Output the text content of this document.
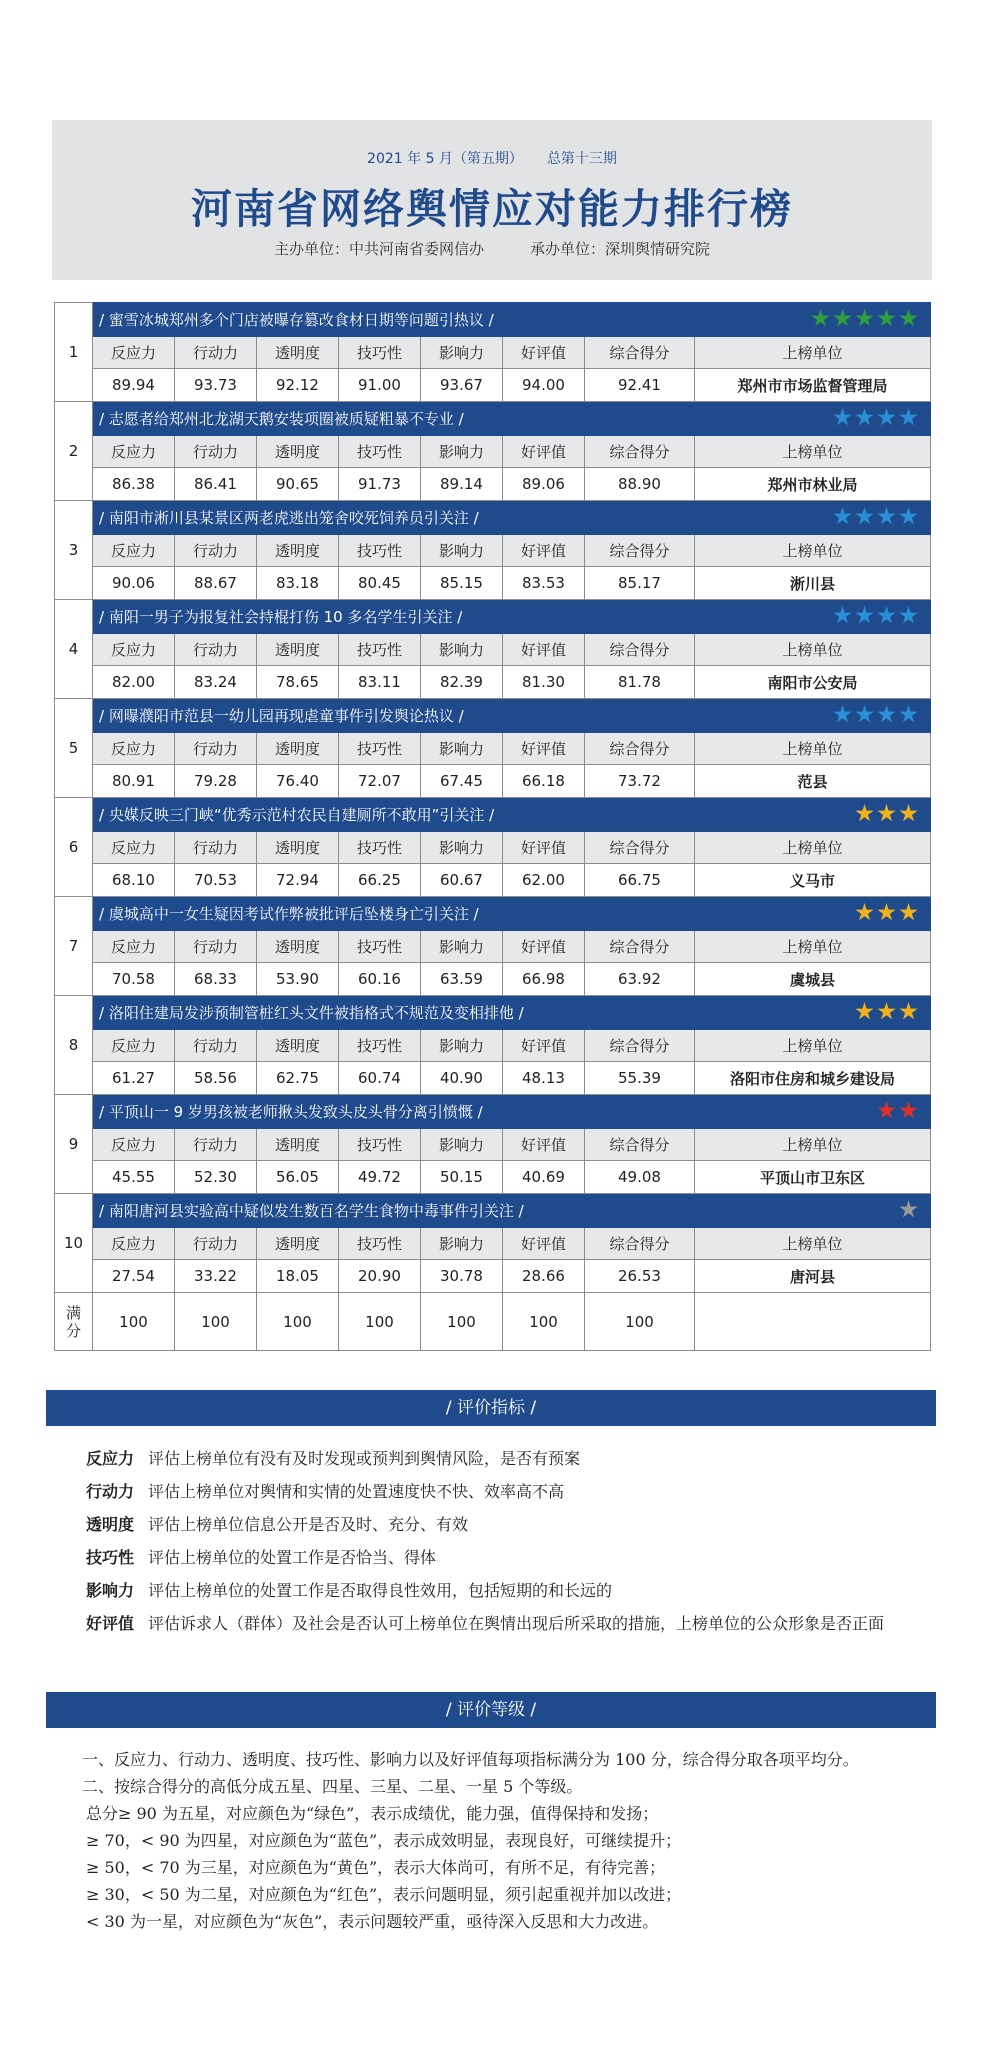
2021 年 5 月（第五期） 总第十三期
河南省网络舆情应对能力排行榜
主办单位：中共河南省委网信办	承办单位：深圳舆情研究院
1	/ 蜜雪冰城郑州多个门店被曝存篡改食材日期等问题引热议 /							

	反应力	行动力	透明度	技巧性	影响力	好评值	综合得分	上榜单位
	89.94	93.73	92.12	91.00	93.67	94.00	92.41	郑州市市场监督管理局
2	/ 志愿者给郑州北龙湖天鹅安装项圈被质疑粗暴不专业 /							

	反应力	行动力	透明度	技巧性	影响力	好评值	综合得分	上榜单位
	86.38	86.41	90.65	91.73	89.14	89.06	88.90	郑州市林业局
3	/ 南阳市淅川县某景区两老虎逃出笼舍咬死饲养员引关注 /							

	反应力	行动力	透明度	技巧性	影响力	好评值	综合得分	上榜单位
	90.06	88.67	83.18	80.45	85.15	83.53	85.17	淅川县
4	/ 南阳一男子为报复社会持棍打伤 10 多名学生引关注 /							

	反应力	行动力	透明度	技巧性	影响力	好评值	综合得分	上榜单位
	82.00	83.24	78.65	83.11	82.39	81.30	81.78	南阳市公安局
5	/ 网曝濮阳市范县一幼儿园再现虐童事件引发舆论热议 /							

	反应力	行动力	透明度	技巧性	影响力	好评值	综合得分	上榜单位
	80.91	79.28	76.40	72.07	67.45	66.18	73.72	范县
6	/ 央媒反映三门峡“优秀示范村农民自建厕所不敢用”引关注 /							

	反应力	行动力	透明度	技巧性	影响力	好评值	综合得分	上榜单位
	68.10	70.53	72.94	66.25	60.67	62.00	66.75	义马市
7	/ 虞城高中一女生疑因考试作弊被批评后坠楼身亡引关注 /							

	反应力	行动力	透明度	技巧性	影响力	好评值	综合得分	上榜单位
	70.58	68.33	53.90	60.16	63.59	66.98	63.92	虞城县
8	/ 洛阳住建局发涉预制管桩红头文件被指格式不规范及变相排他 /							

	反应力	行动力	透明度	技巧性	影响力	好评值	综合得分	上榜单位
	61.27	58.56	62.75	60.74	40.90	48.13	55.39	洛阳市住房和城乡建设局
9	/ 平顶山一 9 岁男孩被老师揪头发致头皮头骨分离引愤慨 /							

	反应力	行动力	透明度	技巧性	影响力	好评值	综合得分	上榜单位
	45.55	52.30	56.05	49.72	50.15	40.69	49.08	平顶山市卫东区
10	/ 南阳唐河县实验高中疑似发生数百名学生食物中毒事件引关注 /							

	反应力	行动力	透明度	技巧性	影响力	好评值	综合得分	上榜单位
	27.54	33.22	18.05	20.90	30.78	28.66	26.53	唐河县
满分	100	100	100	100	100	100	100	
/ 评价指标 /
反应力 评估上榜单位有没有及时发现或预判到舆情风险，是否有预案
行动力 评估上榜单位对舆情和实情的处置速度快不快、效率高不高
透明度 评估上榜单位信息公开是否及时、充分、有效
技巧性 评估上榜单位的处置工作是否恰当、得体
影响力 评估上榜单位的处置工作是否取得良性效用，包括短期的和长远的
好评值 评估诉求人（群体）及社会是否认可上榜单位在舆情出现后所采取的措施，上榜单位的公众形象是否正面
/ 评价等级 /

一、反应力、行动力、透明度、技巧性、影响力以及好评值每项指标满分为 100 分，综合得分取各项平均分。

二、按综合得分的高低分成五星、四星、三星、二星、一星 5 个等级。

总分≥ 90 为五星，对应颜色为“绿色”，表示成绩优，能力强，值得保持和发扬；

≥ 70，< 90 为四星，对应颜色为“蓝色”，表示成效明显，表现良好，可继续提升；

≥ 50，< 70 为三星，对应颜色为“黄色”，表示大体尚可，有所不足，有待完善；

≥ 30，< 50 为二星，对应颜色为“红色”，表示问题明显，须引起重视并加以改进；

< 30 为一星，对应颜色为“灰色”，表示问题较严重，亟待深入反思和大力改进。
